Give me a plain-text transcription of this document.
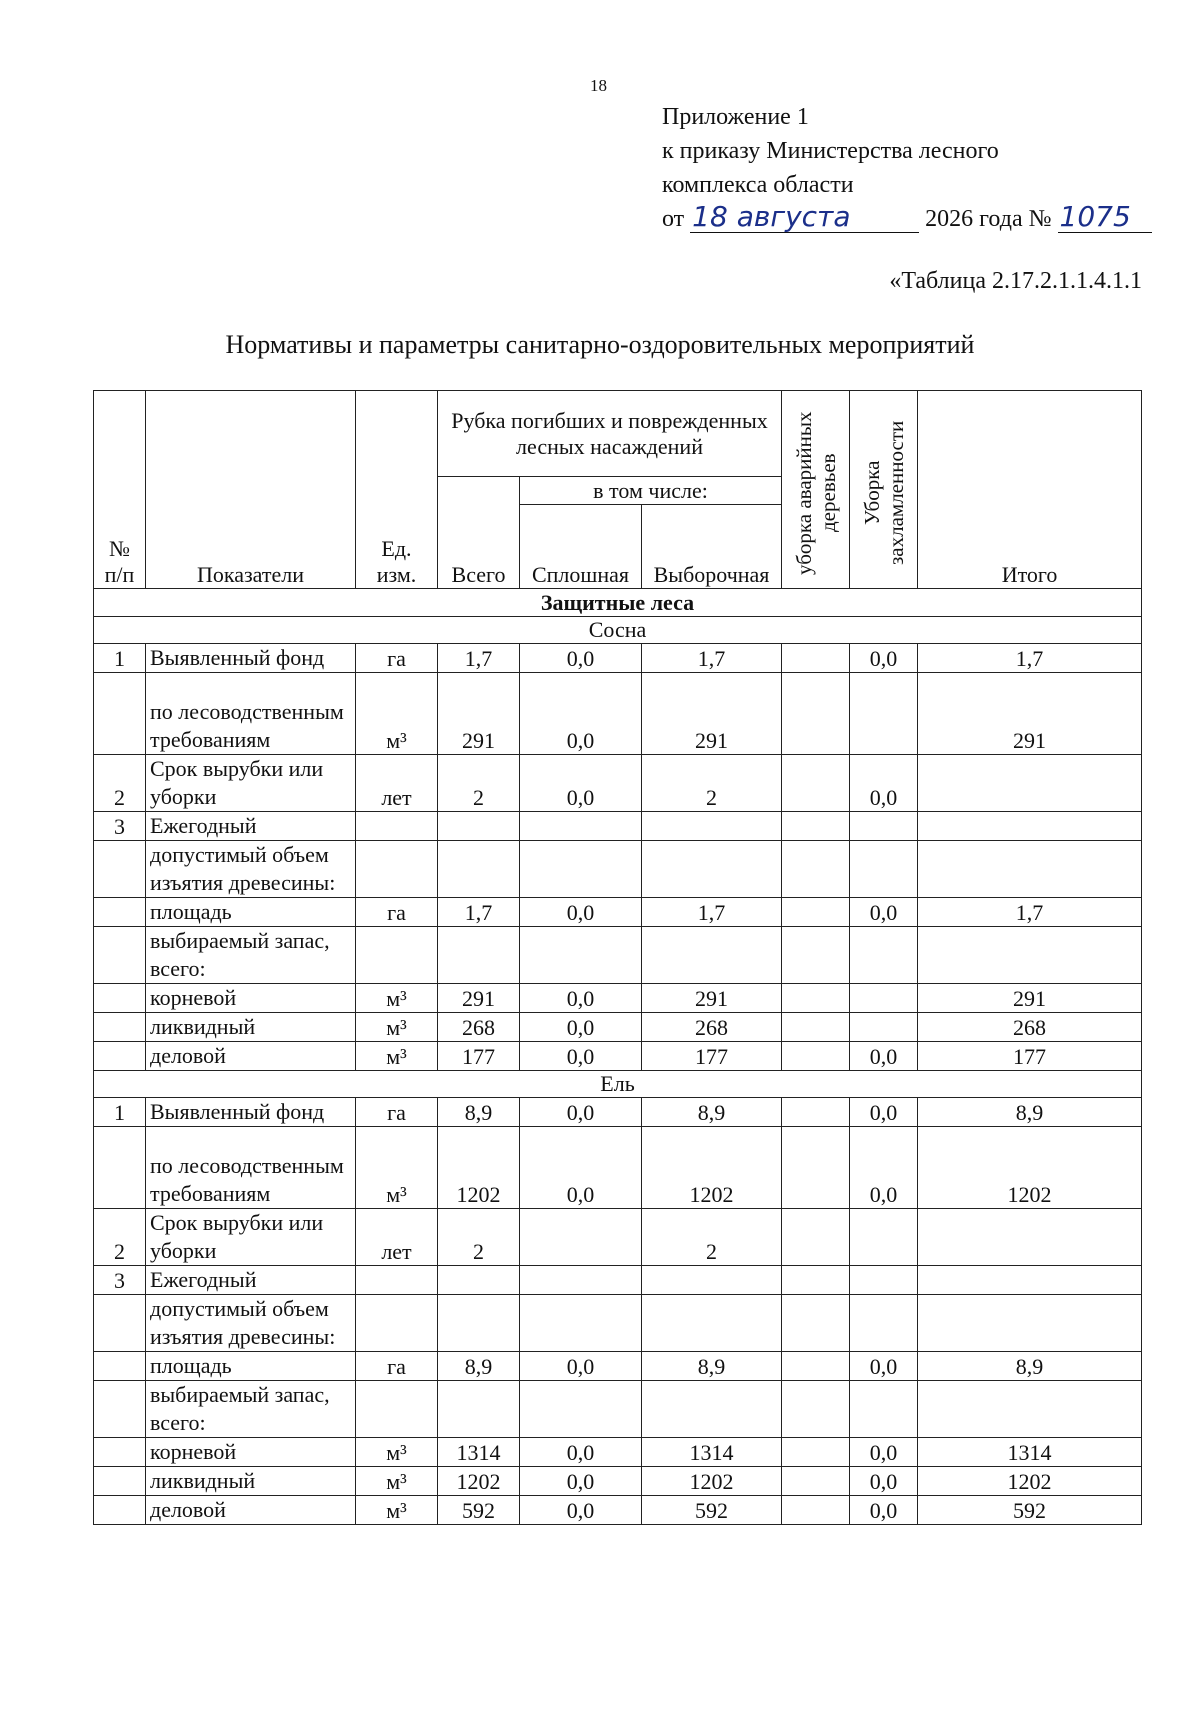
18
Приложение 1
к приказу Министерства лесного
комплекса области
от 18 августа	2026 года № 1075
«Таблица 2.17.2.1.1.4.1.1
Нормативы и параметры санитарно-оздоровительных мероприятий
№ п/п	Показатели	Ед. изм.	Рубка погибших и поврежденных лесных насаждений			уборка аварийных деревьев	Уборка захламленности	Итого
			Всего	в том числе:				
				Сплошная	Выборочная			
Защитные леса								
Сосна								
1	Выявленный фонд	га	1,7	0,0	1,7		0,0	1,7
	по лесоводственным требованиям	м³	291	0,0	291			291
2	Срок вырубки или уборки	лет	2	0,0	2		0,0	
3	Ежегодный							
	допустимый объем изъятия древесины:							
	площадь	га	1,7	0,0	1,7		0,0	1,7
	выбираемый запас, всего:							
	корневой	м³	291	0,0	291			291
	ликвидный	м³	268	0,0	268			268
	деловой	м³	177	0,0	177		0,0	177
Ель								
1	Выявленный фонд	га	8,9	0,0	8,9		0,0	8,9
	по лесоводственным требованиям	м³	1202	0,0	1202		0,0	1202
2	Срок вырубки или уборки	лет	2		2			
3	Ежегодный							
	допустимый объем изъятия древесины:							
	площадь	га	8,9	0,0	8,9		0,0	8,9
	выбираемый запас, всего:							
	корневой	м³	1314	0,0	1314		0,0	1314
	ликвидный	м³	1202	0,0	1202		0,0	1202
	деловой	м³	592	0,0	592		0,0	592
